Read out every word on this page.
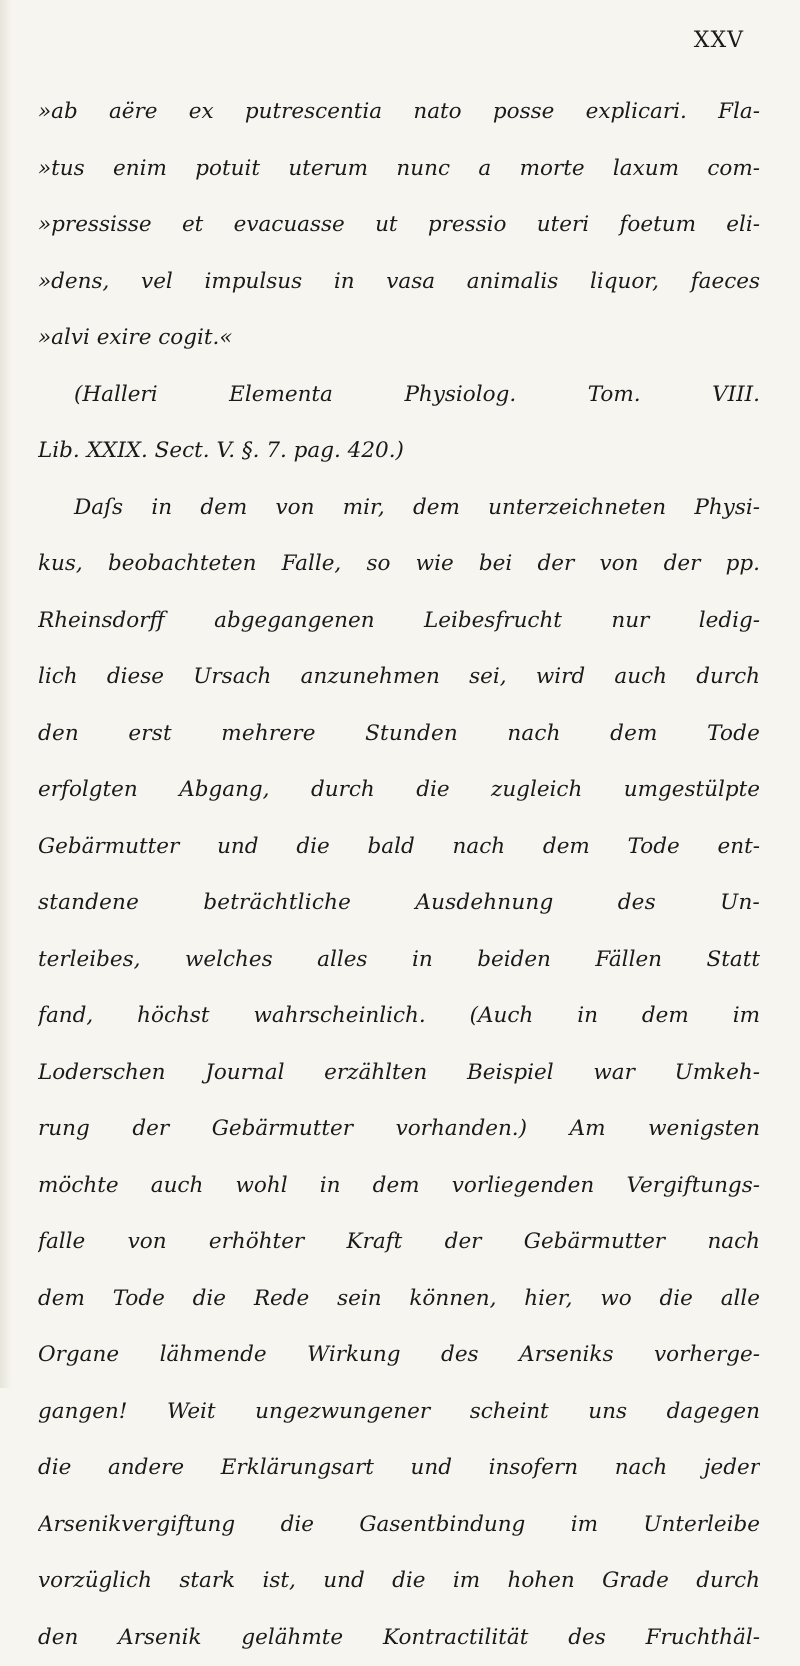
XXV
»ab aëre ex putrescentia nato posse explicari. Fla-
»tus enim potuit uterum nunc a morte laxum com-
»pressisse et evacuasse ut pressio uteri foetum eli-
»dens, vel impulsus in vasa animalis liquor, faeces
»alvi exire cogit.«
(Halleri Elementa Physiolog. Tom. VIII.
Lib. XXIX. Sect. V. §. 7. pag. 420.)
Daſs in dem von mir, dem unterzeichneten Physi-
kus, beobachteten Falle, so wie bei der von der pp.
Rheinsdorff abgegangenen Leibesfrucht nur ledig-
lich diese Ursach anzunehmen sei, wird auch durch
den erst mehrere Stunden nach dem Tode
erfolgten Abgang, durch die zugleich umgestülpte
Gebärmutter und die bald nach dem Tode ent-
standene beträchtliche Ausdehnung des Un-
terleibes, welches alles in beiden Fällen Statt
fand, höchst wahrscheinlich. (Auch in dem im
Loderschen Journal erzählten Beispiel war Umkeh-
rung der Gebärmutter vorhanden.) Am wenigsten
möchte auch wohl in dem vorliegenden Vergiftungs-
falle von erhöhter Kraft der Gebärmutter nach
dem Tode die Rede sein können, hier, wo die alle
Organe lähmende Wirkung des Arseniks vorherge-
gangen! Weit ungezwungener scheint uns dagegen
die andere Erklärungsart und insofern nach jeder
Arsenikvergiftung die Gasentbindung im Unterleibe
vorzüglich stark ist, und die im hohen Grade durch
den Arsenik gelähmte Kontractilität des Fruchthäl-
